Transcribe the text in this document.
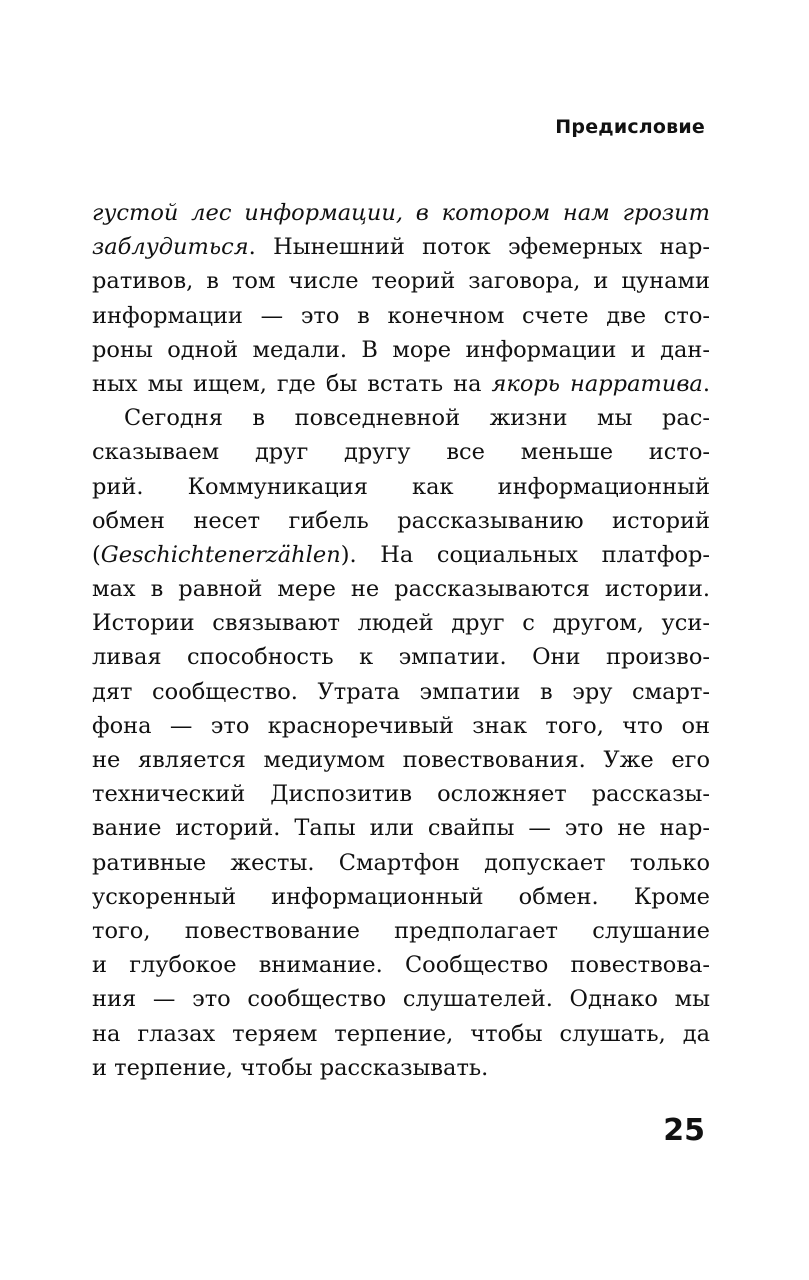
Предисловие
густой лес информации, в котором нам грозит
заблудиться. Нынешний поток эфемерных нар-
ративов, в том числе теорий заговора, и цунами
информации — это в конечном счете две сто-
роны одной медали. В море информации и дан-
ных мы ищем, где бы встать на якорь нарратива.
Сегодня в повседневной жизни мы рас-
сказываем друг другу все меньше исто-
рий. Коммуникация как информационный
обмен несет гибель рассказыванию историй
(Geschichtenerzählen). На социальных платфор-
мах в равной мере не рассказываются истории.
Истории связывают людей друг с другом, уси-
ливая способность к эмпатии. Они произво-
дят сообщество. Утрата эмпатии в эру смарт-
фона — это красноречивый знак того, что он
не является медиумом повествования. Уже его
технический Диспозитив осложняет рассказы-
вание историй. Тапы или свайпы — это не нар-
ративные жесты. Смартфон допускает только
ускоренный информационный обмен. Кроме
того, повествование предполагает слушание
и глубокое внимание. Сообщество повествова-
ния — это сообщество слушателей. Однако мы
на глазах теряем терпение, чтобы слушать, да
и терпение, чтобы рассказывать.
25
